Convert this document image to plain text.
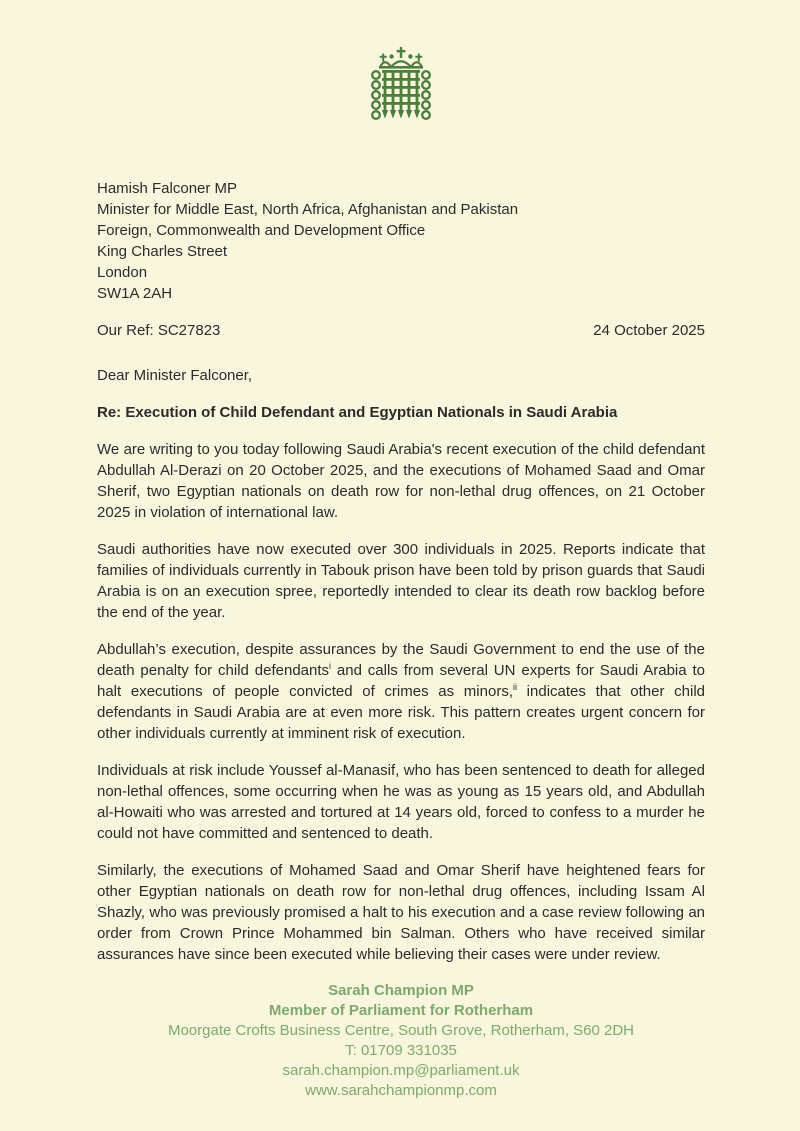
Hamish Falconer MP
Minister for Middle East, North Africa, Afghanistan and Pakistan
Foreign, Commonwealth and Development Office
King Charles Street
London
SW1A 2AH
Our Ref: SC27823	24 October 2025

Dear Minister Falconer,

Re: Execution of Child Defendant and Egyptian Nationals in Saudi Arabia

We are writing to you today following Saudi Arabia's recent execution of the child defendant Abdullah Al-Derazi on 20 October 2025, and the executions of Mohamed Saad and Omar Sherif, two Egyptian nationals on death row for non-lethal drug offences, on 21 October 2025 in violation of international law.

Saudi authorities have now executed over 300 individuals in 2025. Reports indicate that families of individuals currently in Tabouk prison have been told by prison guards that Saudi Arabia is on an execution spree, reportedly intended to clear its death row backlog before the end of the year.

Abdullah’s execution, despite assurances by the Saudi Government to end the use of the death penalty for child defendants$^i$ and calls from several UN experts for Saudi Arabia to halt executions of people convicted of crimes as minors,$^{ii}$ indicates that other child defendants in Saudi Arabia are at even more risk. This pattern creates urgent concern for other individuals currently at imminent risk of execution.

Individuals at risk include Youssef al-Manasif, who has been sentenced to death for alleged non-lethal offences, some occurring when he was as young as 15 years old, and Abdullah al-Howaiti who was arrested and tortured at 14 years old, forced to confess to a murder he could not have committed and sentenced to death.

Similarly, the executions of Mohamed Saad and Omar Sherif have heightened fears for other Egyptian nationals on death row for non-lethal drug offences, including Issam Al Shazly, who was previously promised a halt to his execution and a case review following an order from Crown Prince Mohammed bin Salman. Others who have received similar assurances have since been executed while believing their cases were under review.

Sarah Champion MP
Member of Parliament for Rotherham
Moorgate Crofts Business Centre, South Grove, Rotherham, S60 2DH
T: 01709 331035
sarah.champion.mp@parliament.uk
www.sarahchampionmp.com
